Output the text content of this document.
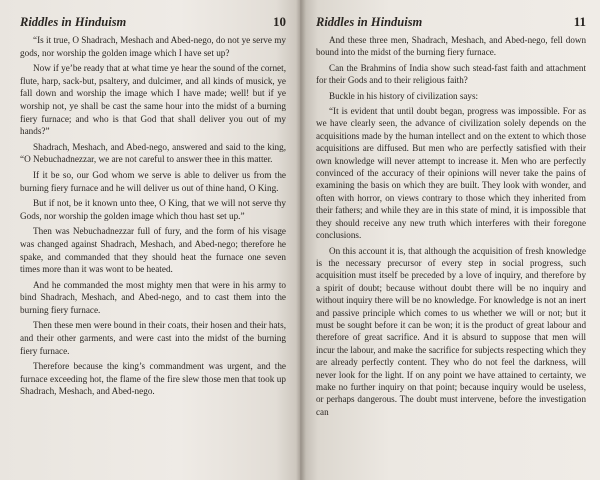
Riddles in Hinduism	10

“Is it true, O Shadrach, Meshach and Abed-nego, do not ye serve my gods, nor worship the golden image which I have set up?

Now if ye’be ready that at what time ye hear the sound of the cornet, flute, harp, sack-but, psaltery, and dulcimer, and all kinds of musick, ye fall down and worship the image which I have made; well! but if ye worship not, ye shall be cast the same hour into the midst of a burning fiery furnace; and who is that God that shall deliver you out of my hands?”

Shadrach, Meshach, and Abed-nego, answered and said to the king, “O Nebuchadnezzar, we are not careful to answer thee in this matter.

If it be so, our God whom we serve is able to deliver us from the burning fiery furnace and he will deliver us out of thine hand, O King.

But if not, be it known unto thee, O King, that we will not serve thy Gods, nor worship the golden image which thou hast set up.”

Then was Nebuchadnezzar full of fury, and the form of his visage was changed against Shadrach, Meshach, and Abed-nego; therefore he spake, and commanded that they should heat the furnace one seven times more than it was wont to be heated.

And he commanded the most mighty men that were in his army to bind Shadrach, Meshach, and Abed-nego, and to cast them into the burning fiery furnace.

Then these men were bound in their coats, their hosen and their hats, and their other garments, and were cast into the midst of the burning fiery furnace.

Therefore because the king’s commandment was urgent, and the furnace exceeding hot, the flame of the fire slew those men that took up Shadrach, Meshach, and Abed-nego.

Riddles in Hinduism	11

And these three men, Shadrach, Meshach, and Abed-nego, fell down bound into the midst of the burning fiery furnace.

Can the Brahmins of India show such stead-fast faith and attachment for their Gods and to their religious faith?

Buckle in his history of civilization says:

“It is evident that until doubt began, progress was impossible. For as we have clearly seen, the advance of civilization solely depends on the acquisitions made by the human intellect and on the extent to which those acquisitions are diffused. But men who are perfectly satisfied with their own knowledge will never attempt to increase it. Men who are perfectly convinced of the accuracy of their opinions will never take the pains of examining the basis on which they are built. They look with wonder, and often with horror, on views contrary to those which they inherited from their fathers; and while they are in this state of mind, it is impossible that they should receive any new truth which interferes with their foregone conclusions.

On this account it is, that although the acquisition of fresh knowledge is the necessary precursor of every step in social progress, such acquisition must itself be preceded by a love of inquiry, and therefore by a spirit of doubt; because without doubt there will be no inquiry and without inquiry there will be no knowledge. For knowledge is not an inert and passive principle which comes to us whether we will or not; but it must be sought before it can be won; it is the product of great labour and therefore of great sacrifice. And it is absurd to suppose that men will incur the labour, and make the sacrifice for subjects respecting which they are already perfectly content. They who do not feel the darkness, will never look for the light. If on any point we have attained to certainty, we make no further inquiry on that point; because inquiry would be useless, or perhaps dangerous. The doubt must intervene, before the investigation can
